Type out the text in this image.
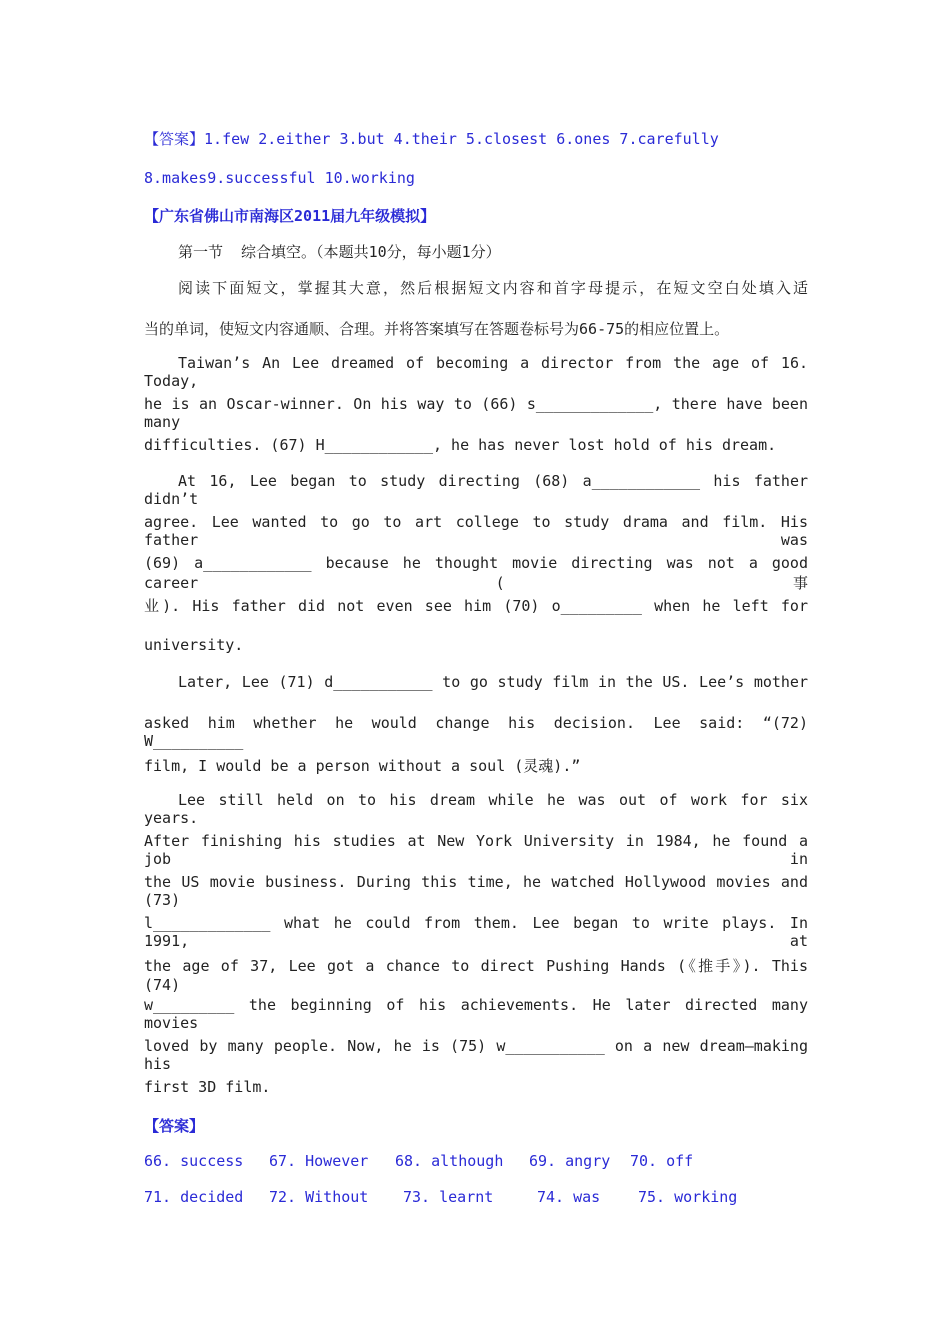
【答案】1.few 2.either 3.but 4.their 5.closest 6.ones 7.carefully
8.makes9.successful 10.working
【广东省佛山市南海区2011届九年级模拟】
第一节  综合填空。（本题共10分，每小题1分）
阅读下面短文，掌握其大意，然后根据短文内容和首字母提示，在短文空白处填入适
当的单词，使短文内容通顺、合理。并将答案填写在答题卷标号为66-75的相应位置上。
Taiwan’s An Lee dreamed of becoming a director from the age of 16. Today,
he is an Oscar-winner. On his way to (66) s_____________, there have been many
difficulties. (67) H____________, he has never lost hold of his dream.
At 16, Lee began to study directing (68) a____________ his father didn’t
agree. Lee wanted to go to art college to study drama and film. His father was
(69) a____________ because he thought movie directing was not a good career (事
业). His father did not even see him (70) o_________ when he left for
university.
Later, Lee (71) d___________ to go study film in the US. Lee’s mother
asked him whether he would change his decision. Lee said: “(72) W__________
film, I would be a person without a soul (灵魂).”
Lee still held on to his dream while he was out of work for six years.
After finishing his studies at New York University in 1984, he found a job in
the US movie business. During this time, he watched Hollywood movies and (73)
l_____________ what he could from them. Lee began to write plays. In 1991, at
the age of 37, Lee got a chance to direct Pushing Hands (《推手》). This (74)
w_________ the beginning of his achievements. He later directed many movies
loved by many people. Now, he is (75) w___________ on a new dream—making his
first 3D film.
【答案】
66. success 67. However 68. although 69. angry 70. off
71. decided 72. Without 73. learnt	74. was	75. working
